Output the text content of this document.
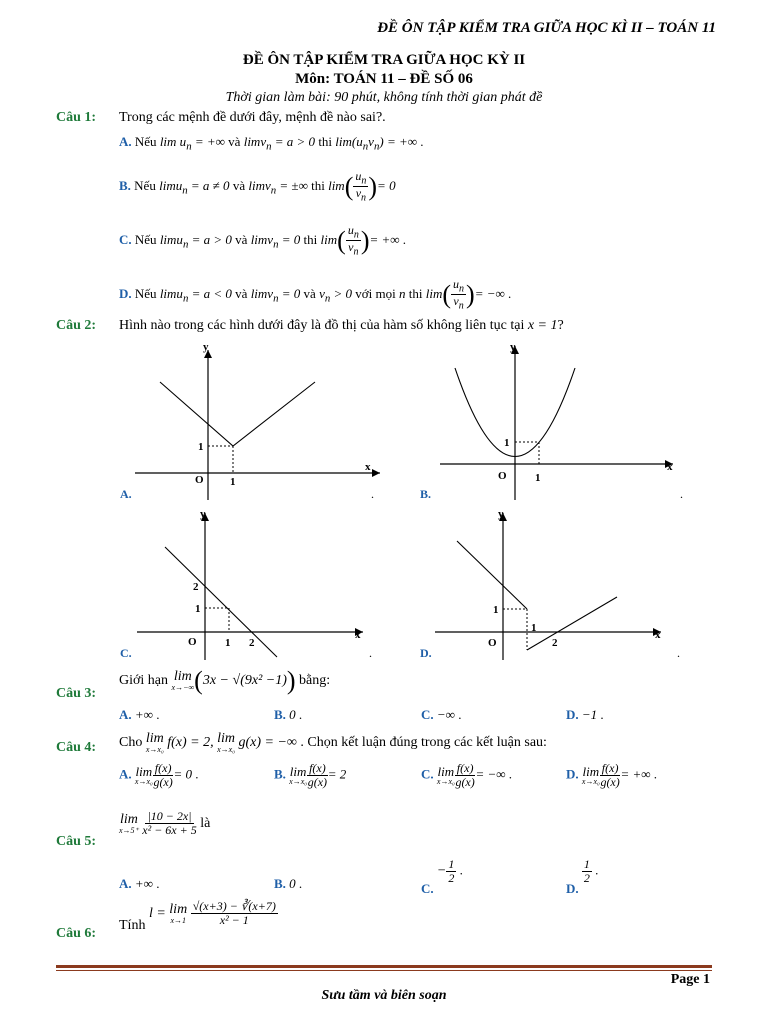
ĐỀ ÔN TẬP KIỂM TRA GIỮA HỌC KÌ II – TOÁN 11
ĐỀ ÔN TẬP KIỂM TRA GIỮA HỌC KỲ II
Môn: TOÁN 11 – ĐỀ SỐ 06
Thời gian làm bài: 90 phút, không tính thời gian phát đề
Câu 1: Trong các mệnh đề dưới đây, mệnh đề nào sai?.
A. Nếu $\lim u_n$ = +∞ và limv$_n$ = a > 0 thi $\lim(u_nv_n)$ = +∞ .
B. Nếu limu$_n$ = a ≠ 0 và limv$_n$ = ±∞ thi $\lim( \frac{u_n}{v_n}$ )= 0
C. Nếu limu$_n$ = a > 0 và limv$_n$ = 0 thi $\lim( \frac{u_n}{v_n}$ )= +∞ .
D. Nếu limu$_n$ = a < 0 và limv$_n$ = 0 và $v_n > 0$ với mọi n thi $\lim( \frac{u_n}{v_n}$ )= −∞ .
Câu 2: Hình nào trong các hình dưới đây là đồ thị của hàm số không liên tục tại x = 1?
y
x
O
1
1
A.	.
y
x
O
1
1
B.	.
y
x
O
2
1
1 2
C.	.
y
x
O
1
1
2
D.	.
Câu 3:
Giới hạn lim
x→−∞ (3x − √(9x² −1)) bằng:
A. +∞ .	B. 0 .	C. −∞ .	D. −1 .
Câu 4: Cho lim
x→x₀ f(x) = 2, lim
x→x₀ g(x) = −∞ . Chọn kết luận đúng trong các kết luận sau:
A. lim
$x\to x_0 \frac{f(x)}{g(x)} = 0$ .	B. lim
$x\to x_0 \frac{f(x)}{g(x)} = 2$	C. lim
$x\to x_0 \frac{f(x)}{g(x)}$ = −∞ .	D. lim
$x\to x_0 \frac{f(x)}{g(x)}$ = +∞ .
Câu 5:
lim
x→5⁺
$\frac{|10 - 2x|}{\text{x² − 6x + 5}}$ là
A. +∞ .	B. 0 .	C. − $\frac{1}{2}$ .
D.
$\frac{1}{2}$ .
Câu 6:
Tính l = lim
x→1
$\frac{√(x+3) - ∛(x+7)}{\text{x² − 1}}$
Page 1
Sưu tầm và biên soạn
